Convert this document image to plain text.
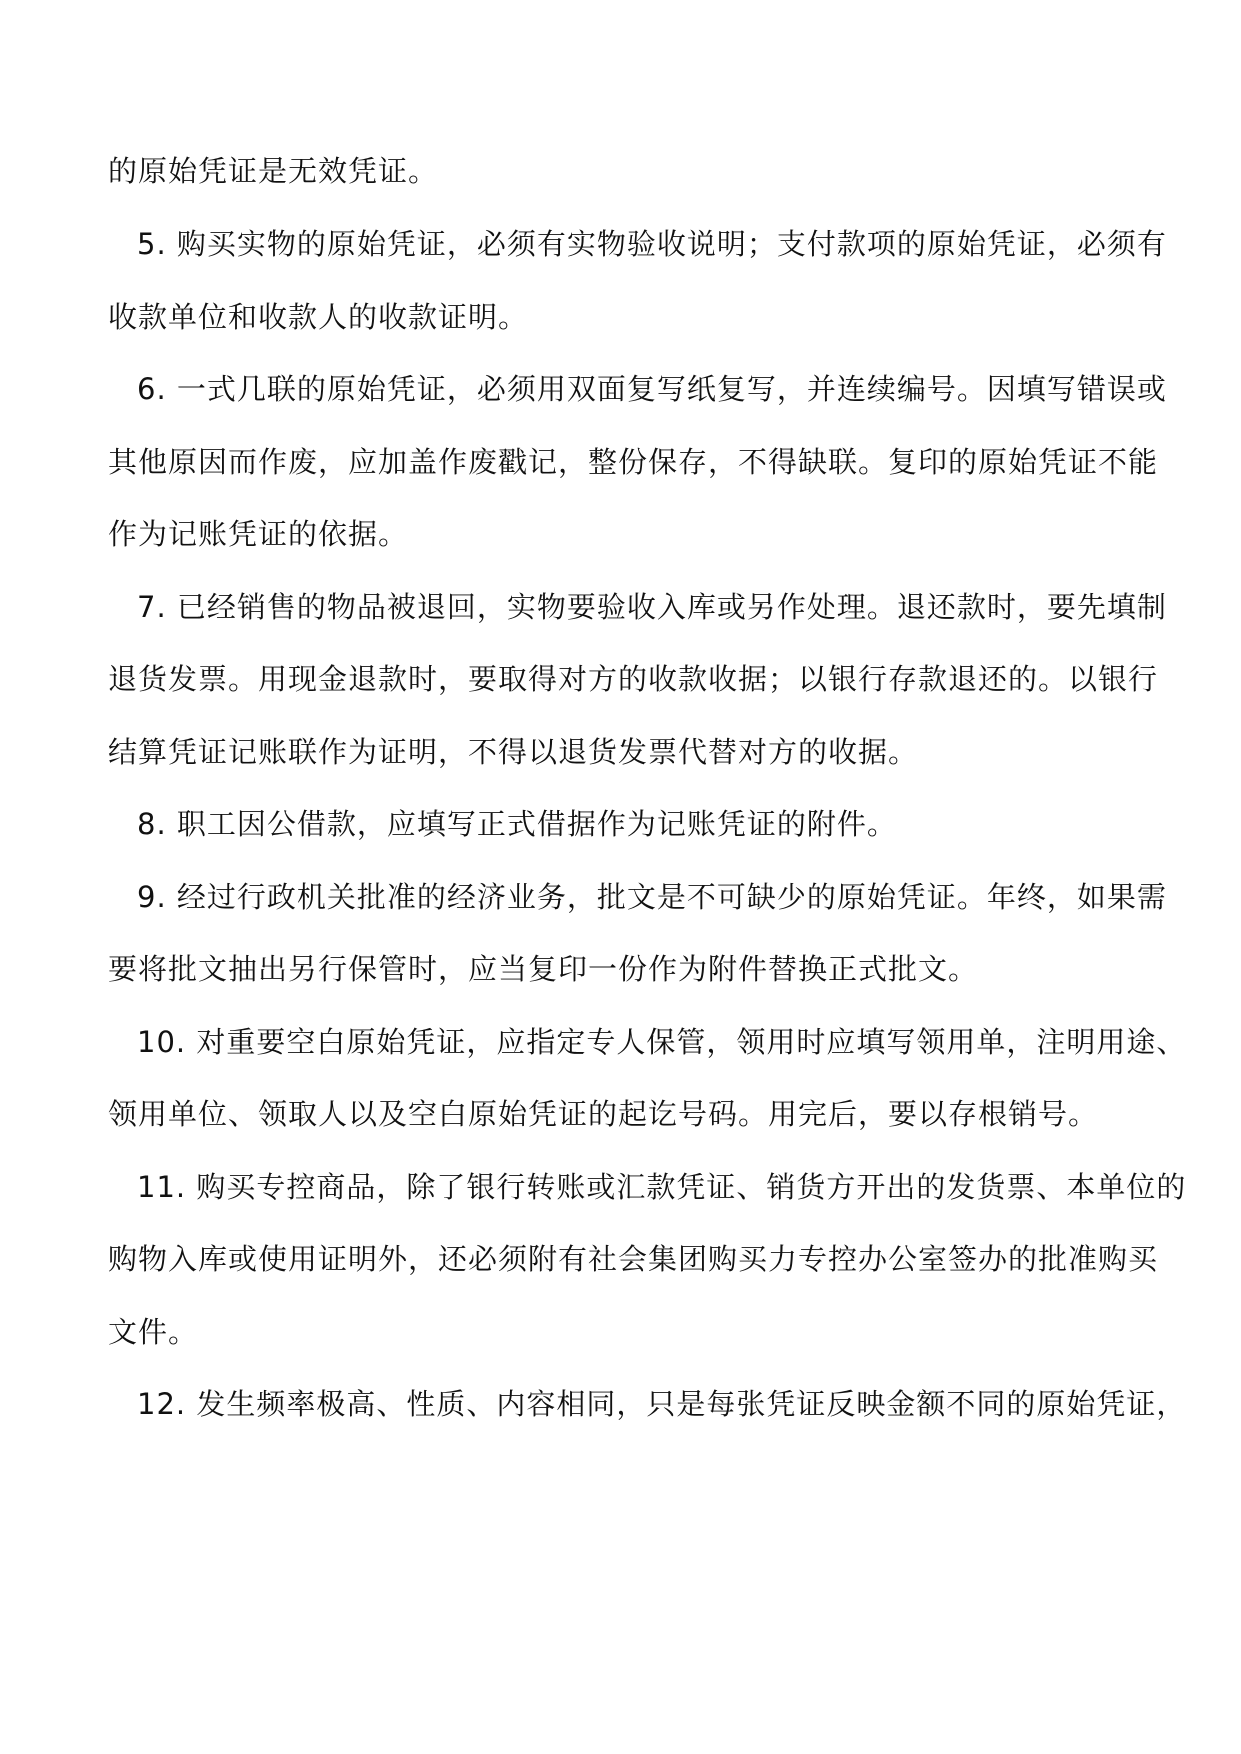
的原始凭证是无效凭证。
5. 购买实物的原始凭证，必须有实物验收说明；支付款项的原始凭证，必须有
收款单位和收款人的收款证明。
6. 一式几联的原始凭证，必须用双面复写纸复写，并连续编号。因填写错误或
其他原因而作废，应加盖作废戳记，整份保存，不得缺联。复印的原始凭证不能
作为记账凭证的依据。
7. 已经销售的物品被退回，实物要验收入库或另作处理。退还款时，要先填制
退货发票。用现金退款时，要取得对方的收款收据；以银行存款退还的。以银行
结算凭证记账联作为证明，不得以退货发票代替对方的收据。
8. 职工因公借款，应填写正式借据作为记账凭证的附件。
9. 经过行政机关批准的经济业务，批文是不可缺少的原始凭证。年终，如果需
要将批文抽出另行保管时，应当复印一份作为附件替换正式批文。
10. 对重要空白原始凭证，应指定专人保管，领用时应填写领用单，注明用途、
领用单位、领取人以及空白原始凭证的起讫号码。用完后，要以存根销号。
11. 购买专控商品，除了银行转账或汇款凭证、销货方开出的发货票、本单位的
购物入库或使用证明外，还必须附有社会集团购买力专控办公室签办的批准购买
文件。
12. 发生频率极高、性质、内容相同，只是每张凭证反映金额不同的原始凭证，
